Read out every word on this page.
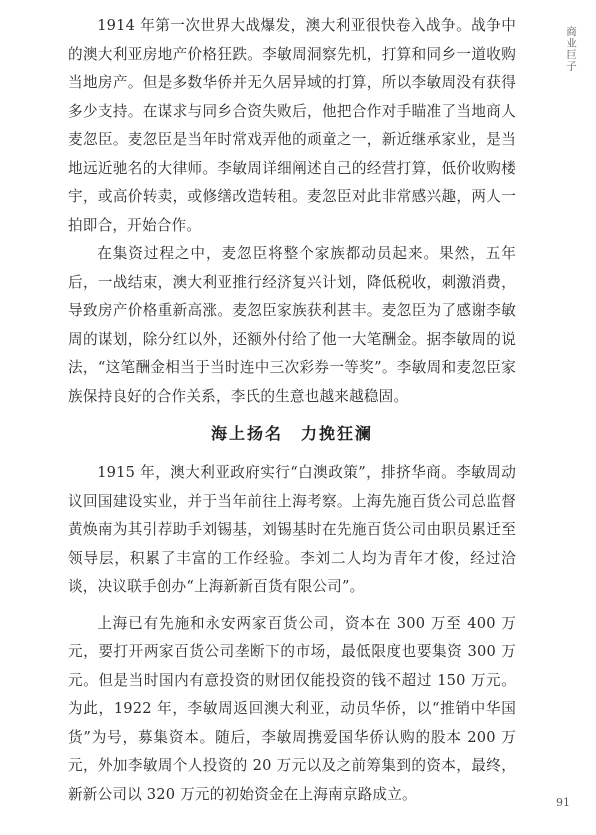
商业巨子

1914 年第一次世界大战爆发，澳大利亚很快卷入战争。战争中的澳大利亚房地产价格狂跌。李敏周洞察先机，打算和同乡一道收购当地房产。但是多数华侨并无久居异域的打算，所以李敏周没有获得多少支持。在谋求与同乡合资失败后，他把合作对手瞄准了当地商人麦忽臣。麦忽臣是当年时常戏弄他的顽童之一，新近继承家业，是当地远近驰名的大律师。李敏周详细阐述自己的经营打算，低价收购楼宇，或高价转卖，或修缮改造转租。麦忽臣对此非常感兴趣，两人一拍即合，开始合作。

在集资过程之中，麦忽臣将整个家族都动员起来。果然，五年后，一战结束，澳大利亚推行经济复兴计划，降低税收，刺激消费，导致房产价格重新高涨。麦忽臣家族获利甚丰。麦忽臣为了感谢李敏周的谋划，除分红以外，还额外付给了他一大笔酬金。据李敏周的说法，“这笔酬金相当于当时连中三次彩券一等奖”。李敏周和麦忽臣家族保持良好的合作关系，李氏的生意也越来越稳固。

海上扬名　力挽狂澜

1915 年，澳大利亚政府实行“白澳政策”，排挤华商。李敏周动议回国建设实业，并于当年前往上海考察。上海先施百货公司总监督黄焕南为其引荐助手刘锡基，刘锡基时在先施百货公司由职员累迁至领导层，积累了丰富的工作经验。李刘二人均为青年才俊，经过洽谈，决议联手创办“上海新新百货有限公司”。

上海已有先施和永安两家百货公司，资本在 300 万至 400 万元，要打开两家百货公司垄断下的市场，最低限度也要集资 300 万元。但是当时国内有意投资的财团仅能投资的钱不超过 150 万元。为此，1922 年，李敏周返回澳大利亚，动员华侨，以“推销中华国货”为号，募集资本。随后，李敏周携爱国华侨认购的股本 200 万元，外加李敏周个人投资的 20 万元以及之前筹集到的资本，最终，新新公司以 320 万元的初始资金在上海南京路成立。	91
